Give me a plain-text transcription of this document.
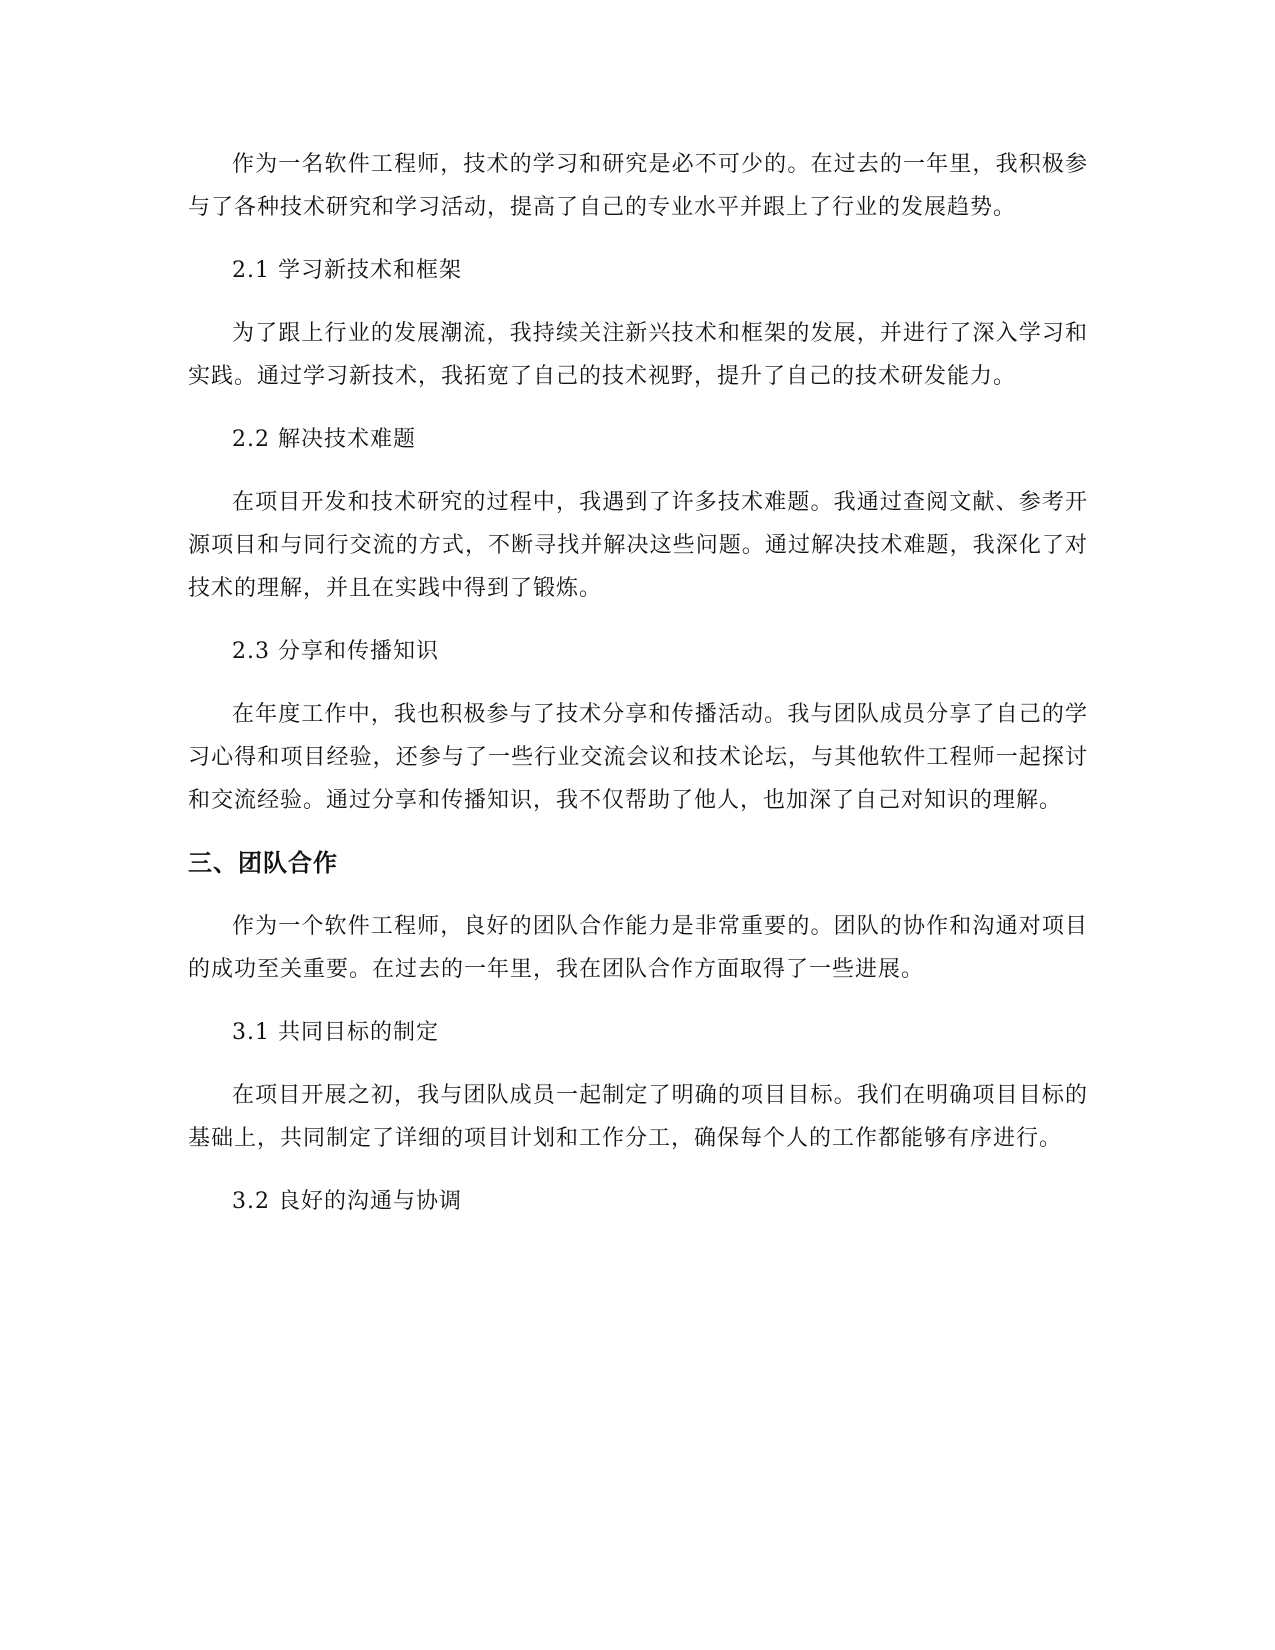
作为一名软件工程师，技术的学习和研究是必不可少的。在过去的一年里，我积极参与了各种技术研究和学习活动，提高了自己的专业水平并跟上了行业的发展趋势。

2.1 学习新技术和框架

为了跟上行业的发展潮流，我持续关注新兴技术和框架的发展，并进行了深入学习和实践。通过学习新技术，我拓宽了自己的技术视野，提升了自己的技术研发能力。

2.2 解决技术难题

在项目开发和技术研究的过程中，我遇到了许多技术难题。我通过查阅文献、参考开源项目和与同行交流的方式，不断寻找并解决这些问题。通过解决技术难题，我深化了对技术的理解，并且在实践中得到了锻炼。

2.3 分享和传播知识

在年度工作中，我也积极参与了技术分享和传播活动。我与团队成员分享了自己的学习心得和项目经验，还参与了一些行业交流会议和技术论坛，与其他软件工程师一起探讨和交流经验。通过分享和传播知识，我不仅帮助了他人，也加深了自己对知识的理解。

三、团队合作

作为一个软件工程师，良好的团队合作能力是非常重要的。团队的协作和沟通对项目的成功至关重要。在过去的一年里，我在团队合作方面取得了一些进展。

3.1 共同目标的制定

在项目开展之初，我与团队成员一起制定了明确的项目目标。我们在明确项目目标的基础上，共同制定了详细的项目计划和工作分工，确保每个人的工作都能够有序进行。

3.2 良好的沟通与协调
